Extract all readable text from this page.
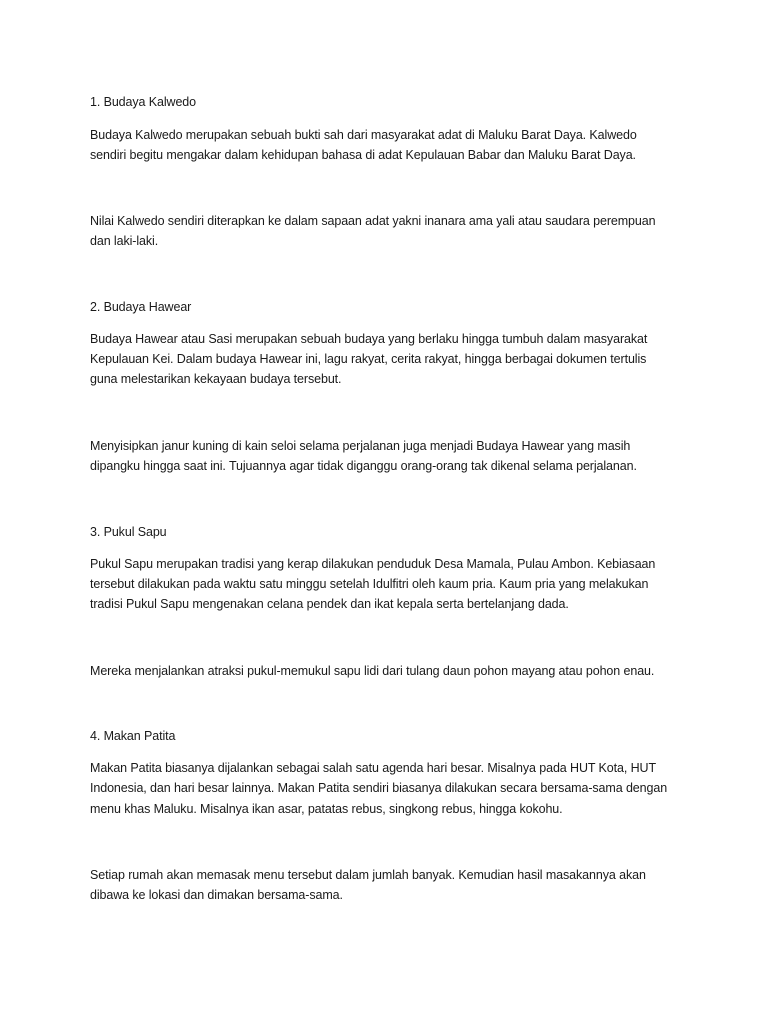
1. Budaya Kalwedo
Budaya Kalwedo merupakan sebuah bukti sah dari masyarakat adat di Maluku Barat Daya. Kalwedo
sendiri begitu mengakar dalam kehidupan bahasa di adat Kepulauan Babar dan Maluku Barat Daya.
Nilai Kalwedo sendiri diterapkan ke dalam sapaan adat yakni inanara ama yali atau saudara perempuan
dan laki-laki.
2. Budaya Hawear
Budaya Hawear atau Sasi merupakan sebuah budaya yang berlaku hingga tumbuh dalam masyarakat
Kepulauan Kei. Dalam budaya Hawear ini, lagu rakyat, cerita rakyat, hingga berbagai dokumen tertulis
guna melestarikan kekayaan budaya tersebut.
Menyisipkan janur kuning di kain seloi selama perjalanan juga menjadi Budaya Hawear yang masih
dipangku hingga saat ini. Tujuannya agar tidak diganggu orang-orang tak dikenal selama perjalanan.
3. Pukul Sapu
Pukul Sapu merupakan tradisi yang kerap dilakukan penduduk Desa Mamala, Pulau Ambon. Kebiasaan
tersebut dilakukan pada waktu satu minggu setelah Idulfitri oleh kaum pria. Kaum pria yang melakukan
tradisi Pukul Sapu mengenakan celana pendek dan ikat kepala serta bertelanjang dada.
Mereka menjalankan atraksi pukul-memukul sapu lidi dari tulang daun pohon mayang atau pohon enau.
4. Makan Patita
Makan Patita biasanya dijalankan sebagai salah satu agenda hari besar. Misalnya pada HUT Kota, HUT
Indonesia, dan hari besar lainnya. Makan Patita sendiri biasanya dilakukan secara bersama-sama dengan
menu khas Maluku. Misalnya ikan asar, patatas rebus, singkong rebus, hingga kokohu.
Setiap rumah akan memasak menu tersebut dalam jumlah banyak. Kemudian hasil masakannya akan
dibawa ke lokasi dan dimakan bersama-sama.
